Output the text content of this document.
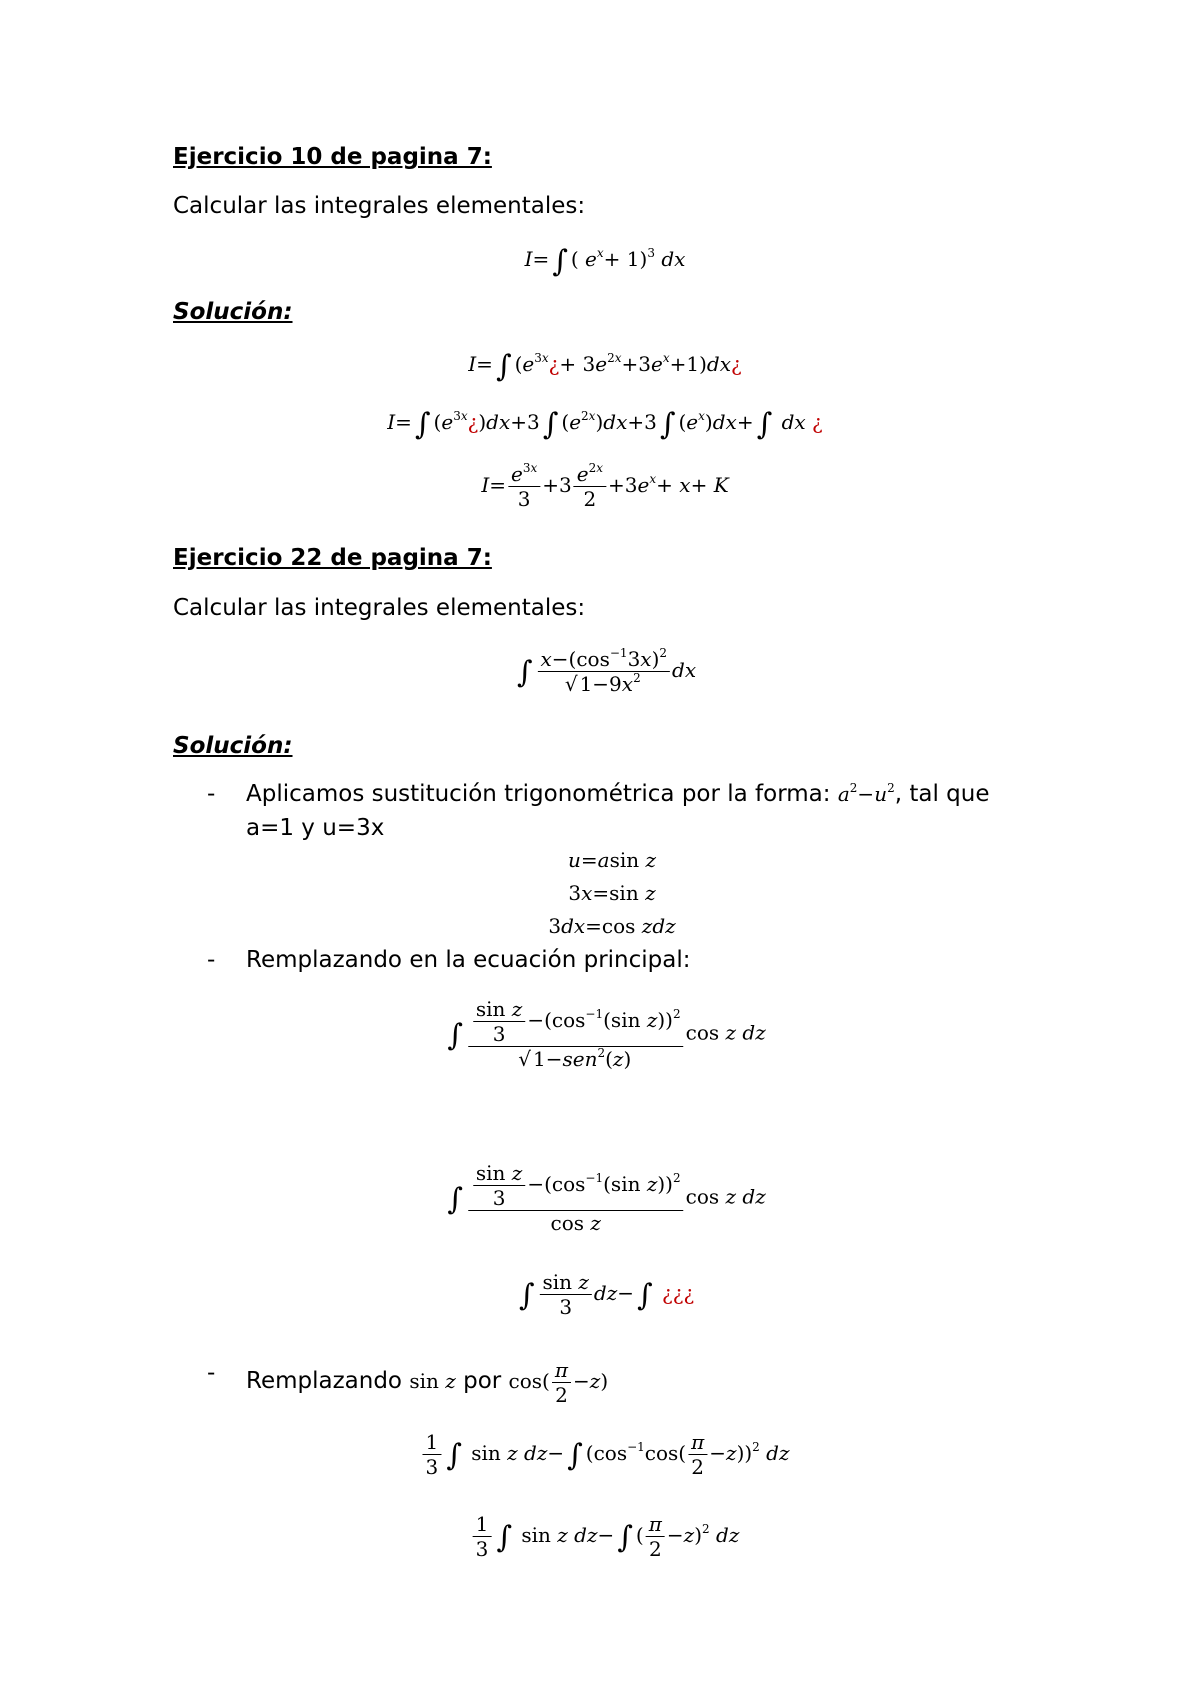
Ejercicio 10 de pagina 7:
Calcular las integrales elementales:
I= ∫ ( $e^x+ 1)^3$ dx
Solución:
I= ∫ ($e^{3x}¿+$ $3e^{2x}+3e^x+1)dx¿$
I= ∫ $(e^{3x}¿)dx+3$ ∫ $(e^{2x})dx+3$ ∫ $(e^x)dx+$ ∫ dx ¿
$I= \frac{e^{3x}}{3} +3 \frac{e^{2x}}{2} +3e^x+ x+ K$
Ejercicio 22 de pagina 7:
Calcular las integrales elementales:
∫ $\frac{x-(\cos^{-1}3x)^2}{√ 1-9x^2}$ dx
Solución:
- Aplicamos sustitución trigonométrica por la forma: $a^2-u^2$, tal que
a=1 y u=3x
u=asin z
3x=sin z
3dx=cos zdz
- Remplazando en la ecuación principal:
∫ $\frac{\frac{\text{sin z}}{3} -(\cos^{-1}(\sin z))^2}{√ 1-sen^2(z)}$ cos z dz
∫ $\frac{\frac{\text{sin z}}{3} -(\cos^{-1}(\sin z))^2}{\text{cos z}}$ cos z dz
∫ $\frac{\text{sin z}}{3} dz-$ ∫ ¿¿¿
- Remplazando sin z por $\cos( \frac{\pi}{2} -z)$
$\frac{1}{3}$ ∫ sin z dz− ∫ $(\cos^{-1}\cos( \frac{\pi}{2} -z))^2$ dz
$\frac{1}{3}$ ∫ sin z dz− ∫ ( $\frac{\pi}{2} -z)^2$ dz
